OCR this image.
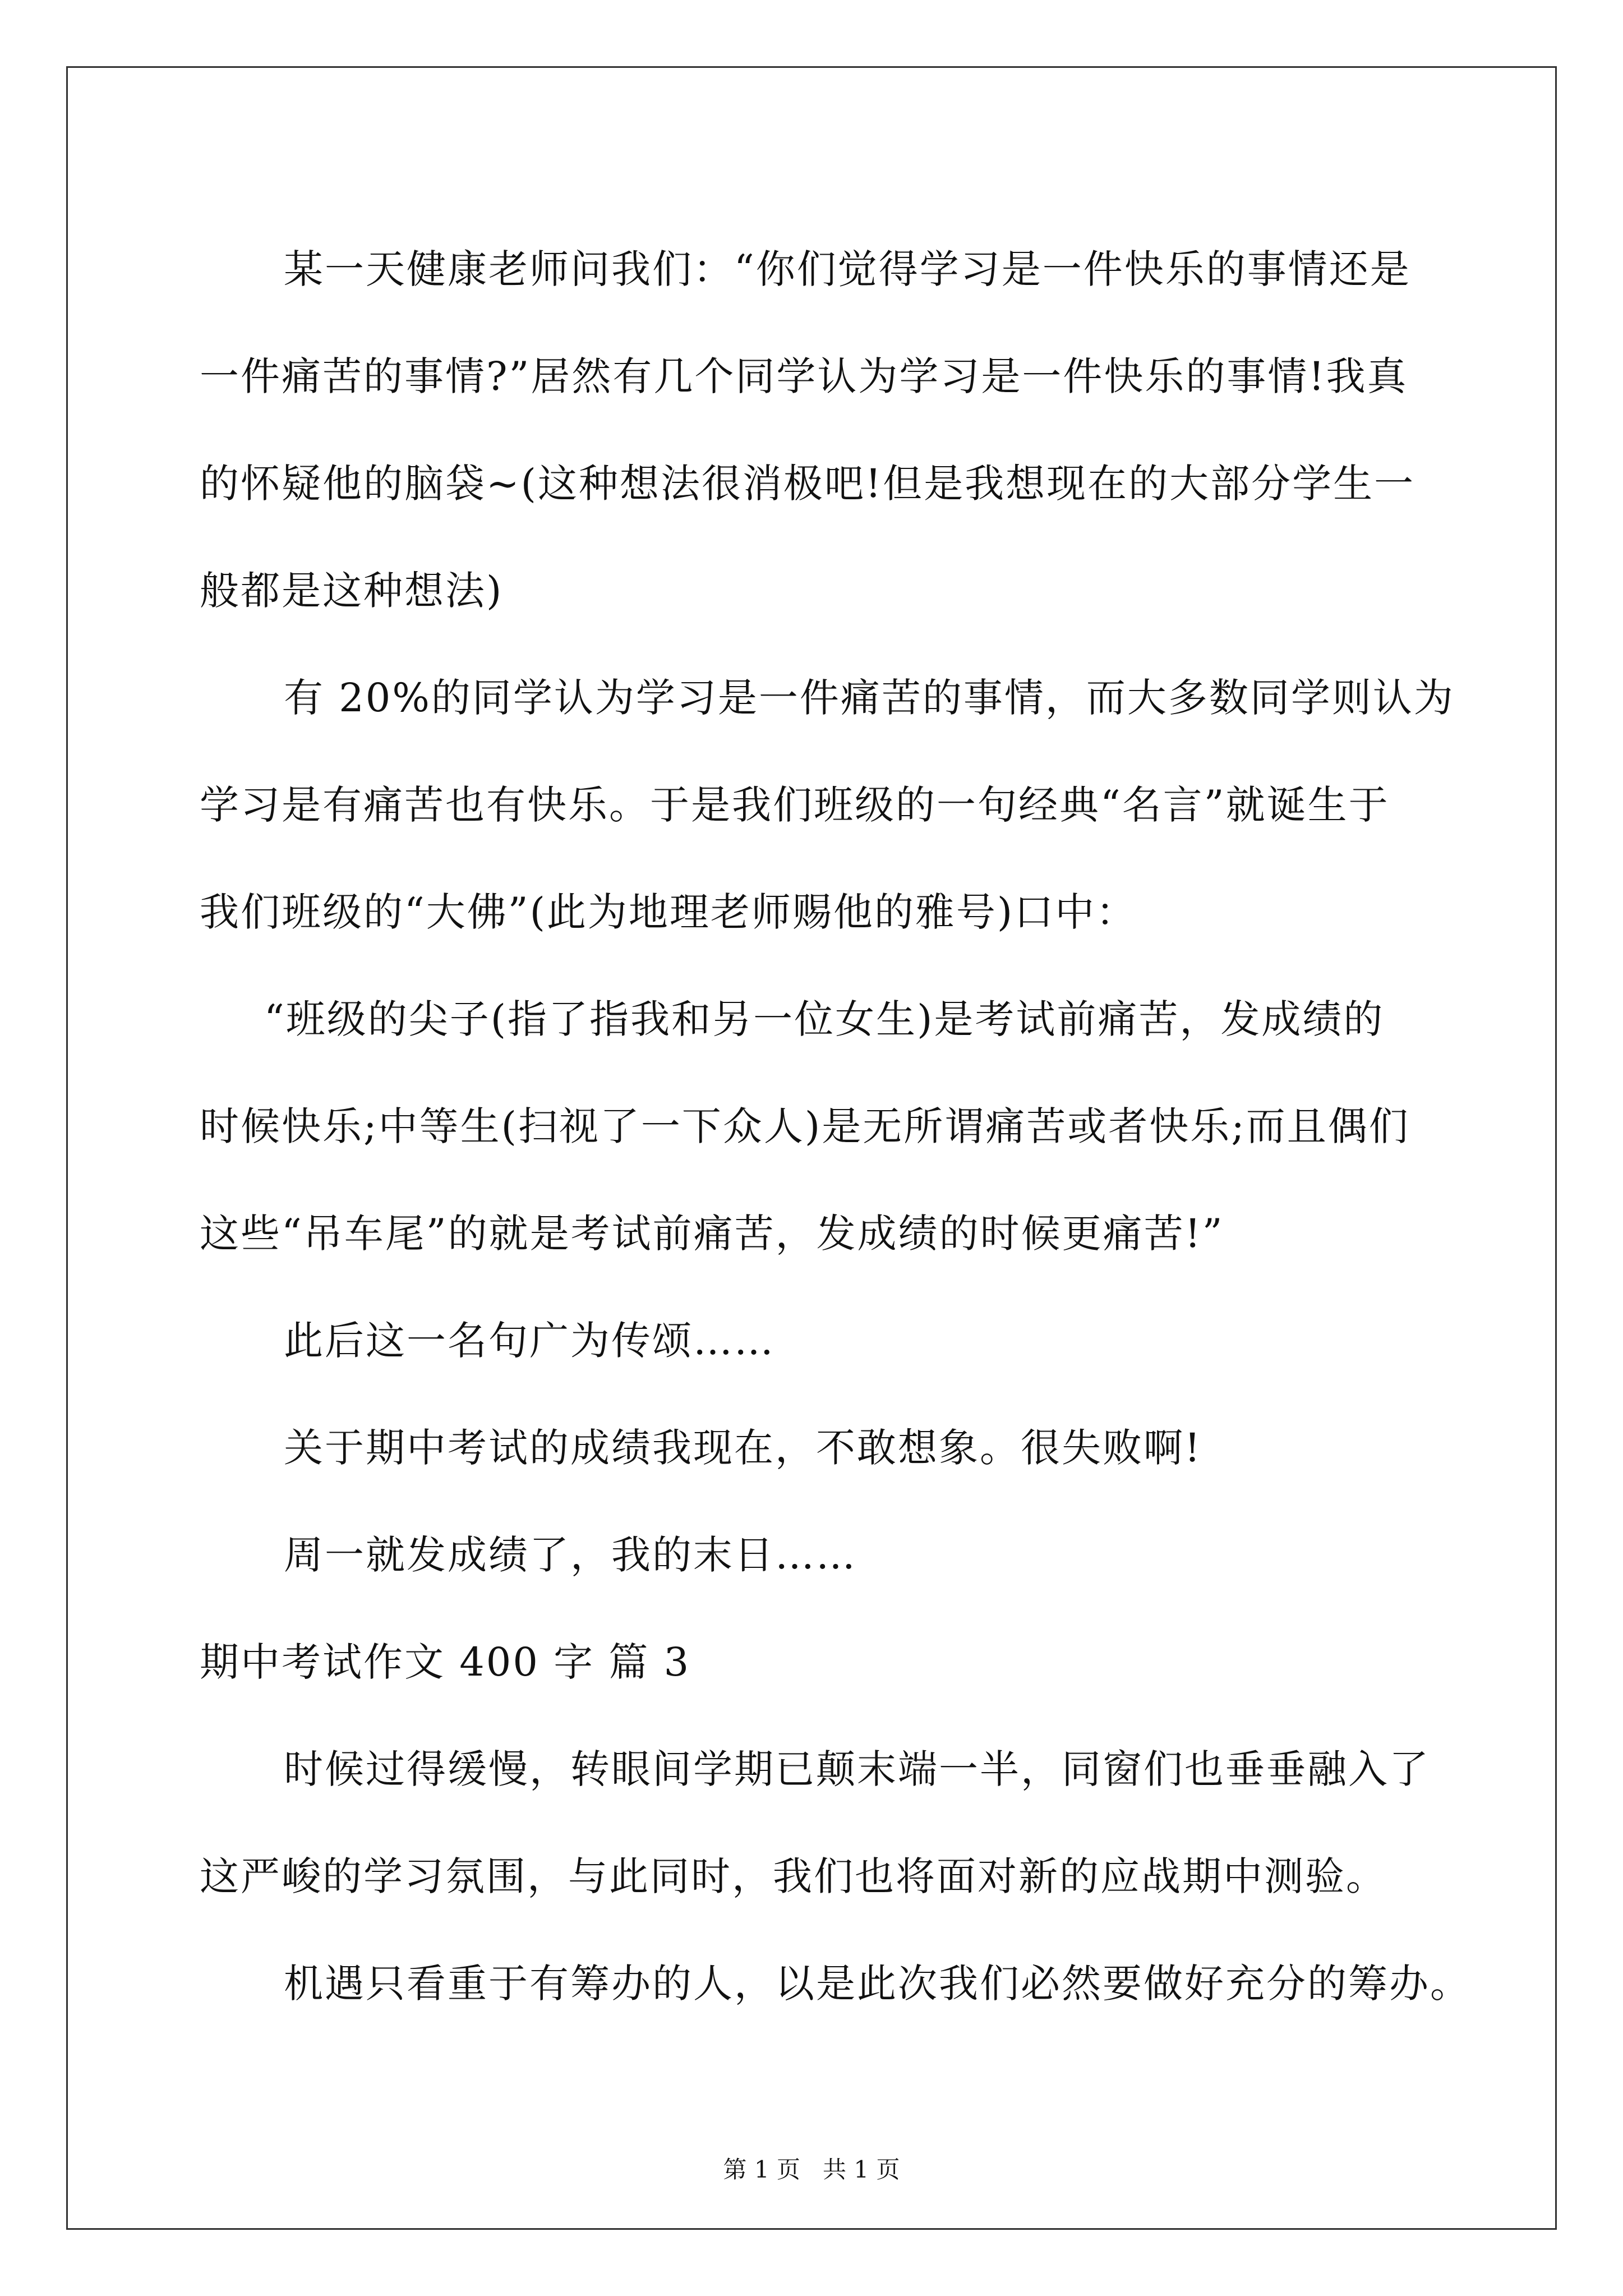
某一天健康老师问我们：“你们觉得学习是一件快乐的事情还是

一件痛苦的事情?”居然有几个同学认为学习是一件快乐的事情!我真

的怀疑他的脑袋~(这种想法很消极吧!但是我想现在的大部分学生一

般都是这种想法)

有 20%的同学认为学习是一件痛苦的事情，而大多数同学则认为

学习是有痛苦也有快乐。于是我们班级的一句经典“名言”就诞生于

我们班级的“大佛”(此为地理老师赐他的雅号)口中：

“班级的尖子(指了指我和另一位女生)是考试前痛苦，发成绩的

时候快乐;中等生(扫视了一下众人)是无所谓痛苦或者快乐;而且偶们

这些“吊车尾”的就是考试前痛苦，发成绩的时候更痛苦!”

此后这一名句广为传颂……

关于期中考试的成绩我现在，不敢想象。很失败啊!

周一就发成绩了，我的末日……

期中考试作文 400 字 篇 3

时候过得缓慢，转眼间学期已颠末端一半，同窗们也垂垂融入了

这严峻的学习氛围，与此同时，我们也将面对新的应战期中测验。

机遇只看重于有筹办的人，以是此次我们必然要做好充分的筹办。

第 1 页   共 1 页
